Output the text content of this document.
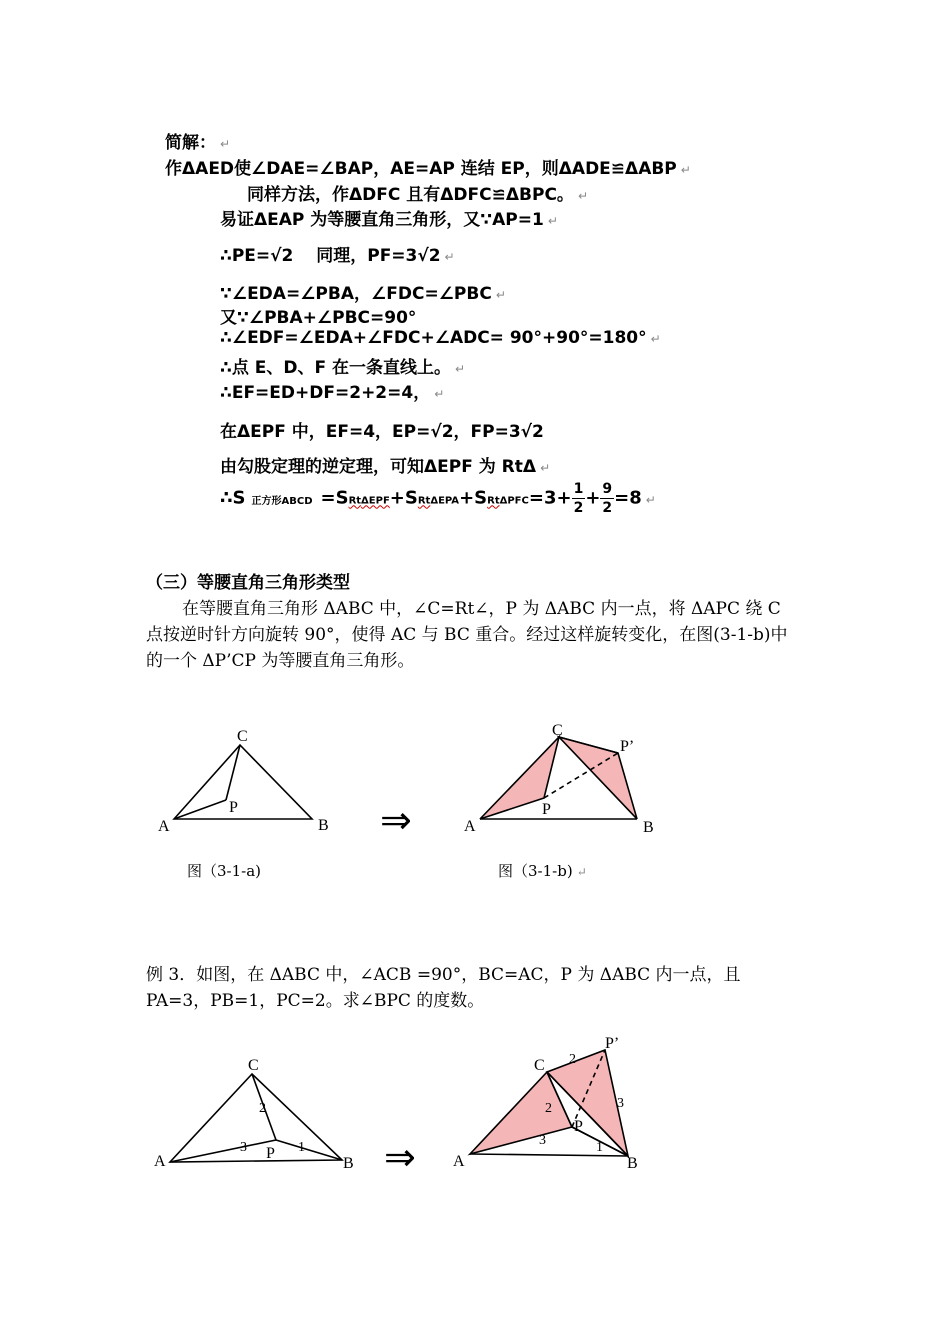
简解： ↵
作ΔAED使∠DAE=∠BAP，AE=AP 连结 EP，则ΔADE≌ΔABP ↵
同样方法，作ΔDFC 且有ΔDFC≌ΔBPC。 ↵
易证ΔEAP 为等腰直角三角形，又∵AP=1 ↵
∴PE=√2　 同理，PF=3√2 ↵
∵∠EDA=∠PBA，∠FDC=∠PBC ↵
又∵∠PBA+∠PBC=90°
∴∠EDF=∠EDA+∠FDC+∠ADC= 90°+90°=180° ↵
∴点 E、D、F 在一条直线上。 ↵
∴EF=ED+DF=2+2=4， ↵
在ΔEPF 中，EF=4，EP=√2，FP=3√2
由勾股定理的逆定理，可知ΔEPF 为 RtΔ ↵
∴S 正方形ABCD $=SRt\Delta EPF+SRt\Delta EPA+SRt\Delta PFC=3+ \frac{1}{2} + \frac{9}{2} =8$ ↵
（三）等腰直角三角形类型
在等腰直角三角形 ΔABC 中，∠C=Rt∠，P 为 ΔABC 内一点，将 ΔAPC 绕 C
点按逆时针方向旋转 90°，使得 AC 与 BC 重合。经过这样旋转变化，在图(3-1-b)中
的一个 ΔP’CP 为等腰直角三角形。
C
A	B
P	⇒
C
P’
A	B
P
图（3-1-a)	图（3-1-b) ↵
例 3．如图，在 ΔABC 中，∠ACB =90°，BC=AC，P 为 ΔABC 内一点，且
PA=3，PB=1，PC=2。求∠BPC 的度数。
C
A	B
P
2
3	1 ⇒
C
P’
A	B
P
2
3	1
2
3
